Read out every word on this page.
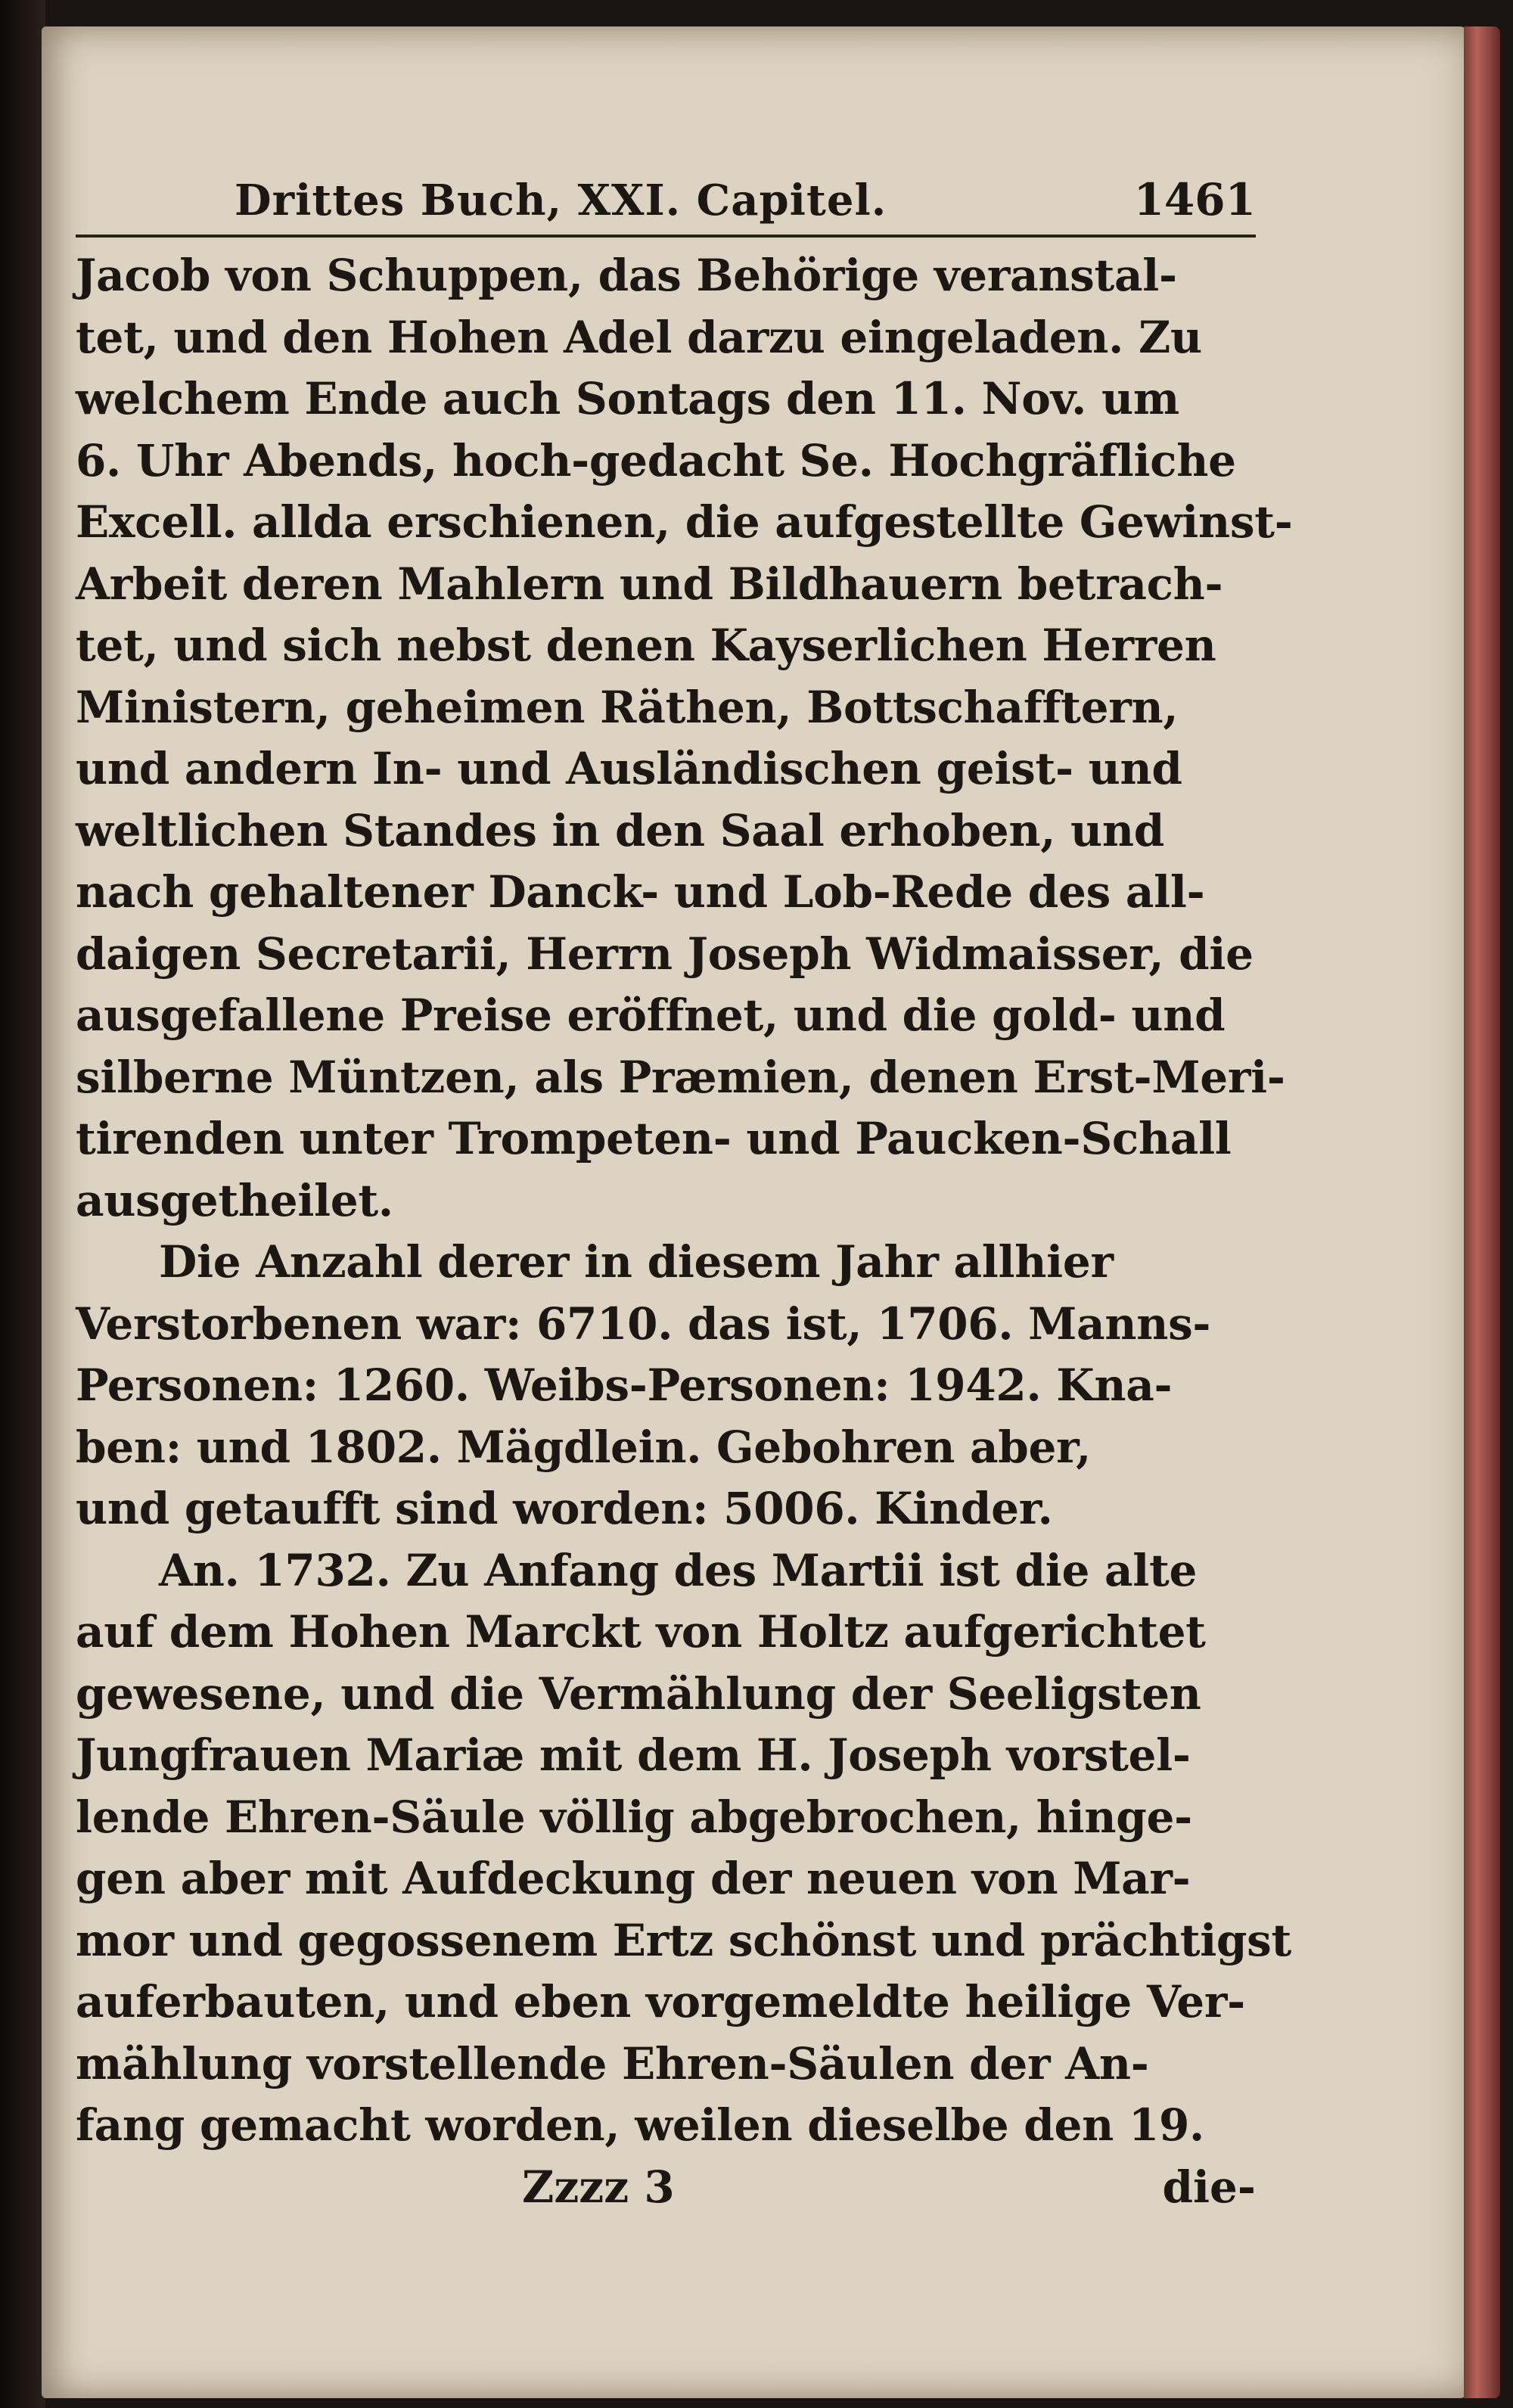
Drittes Buch, XXI. Capitel.	1461
Jacob von Schuppen, das Behörige veranstal-
tet, und den Hohen Adel darzu eingeladen. Zu
welchem Ende auch Sontags den 11. Nov. um
6. Uhr Abends, hoch-gedacht Se. Hochgräfliche
Excell. allda erschienen, die aufgestellte Gewinst-
Arbeit deren Mahlern und Bildhauern betrach-
tet, und sich nebst denen Kayserlichen Herren
Ministern, geheimen Räthen, Bottschafftern,
und andern In- und Ausländischen geist- und
weltlichen Standes in den Saal erhoben, und
nach gehaltener Danck- und Lob-Rede des all-
daigen Secretarii, Herrn Joseph Widmaisser, die
ausgefallene Preise eröffnet, und die gold- und
silberne Müntzen, als Præmien, denen Erst-Meri-
tirenden unter Trompeten- und Paucken-Schall
ausgetheilet.
Die Anzahl derer in diesem Jahr allhier
Verstorbenen war: 6710. das ist, 1706. Manns-
Personen: 1260. Weibs-Personen: 1942. Kna-
ben: und 1802. Mägdlein. Gebohren aber,
und getaufft sind worden: 5006. Kinder.
An. 1732. Zu Anfang des Martii ist die alte
auf dem Hohen Marckt von Holtz aufgerichtet
gewesene, und die Vermählung der Seeligsten
Jungfrauen Mariæ mit dem H. Joseph vorstel-
lende Ehren-Säule völlig abgebrochen, hinge-
gen aber mit Aufdeckung der neuen von Mar-
mor und gegossenem Ertz schönst und prächtigst
auferbauten, und eben vorgemeldte heilige Ver-
mählung vorstellende Ehren-Säulen der An-
fang gemacht worden, weilen dieselbe den 19.
Zzzz 3	die-
